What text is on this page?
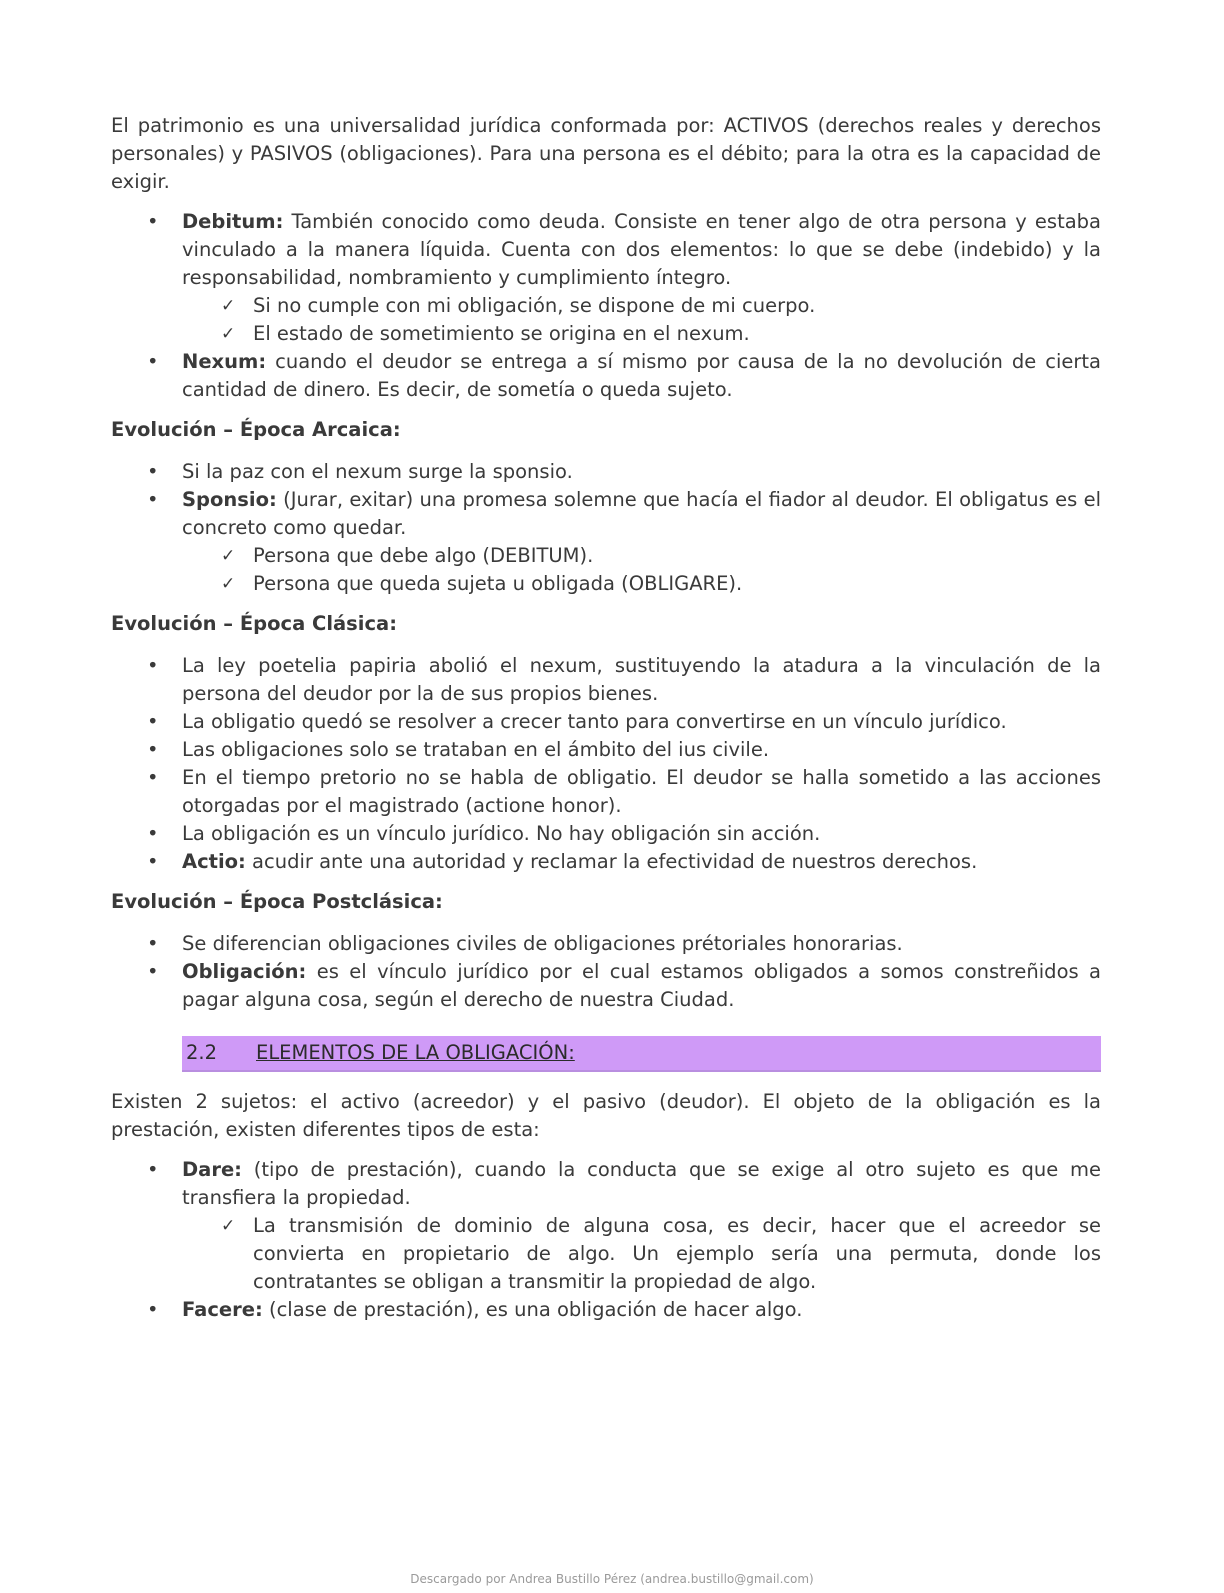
El patrimonio es una universalidad jurídica conformada por: ACTIVOS (derechos reales y derechos personales) y PASIVOS (obligaciones). Para una persona es el débito; para la otra es la capacidad de exigir.

• Debitum: También conocido como deuda. Consiste en tener algo de otra persona y estaba vinculado a la manera líquida. Cuenta con dos elementos: lo que se debe (indebido) y la responsabilidad, nombramiento y cumplimiento íntegro.
✓ Si no cumple con mi obligación, se dispone de mi cuerpo.
✓ El estado de sometimiento se origina en el nexum.
• Nexum: cuando el deudor se entrega a sí mismo por causa de la no devolución de cierta cantidad de dinero. Es decir, de sometía o queda sujeto.
Evolución – Época Arcaica:
• Si la paz con el nexum surge la sponsio.
• Sponsio: (Jurar, exitar) una promesa solemne que hacía el fiador al deudor. El obligatus es el concreto como quedar.
✓ Persona que debe algo (DEBITUM).
✓ Persona que queda sujeta u obligada (OBLIGARE).
Evolución – Época Clásica:
• La ley poetelia papiria abolió el nexum, sustituyendo la atadura a la vinculación de la persona del deudor por la de sus propios bienes.
• La obligatio quedó se resolver a crecer tanto para convertirse en un vínculo jurídico.
• Las obligaciones solo se trataban en el ámbito del ius civile.
• En el tiempo pretorio no se habla de obligatio. El deudor se halla sometido a las acciones otorgadas por el magistrado (actione honor).
• La obligación es un vínculo jurídico. No hay obligación sin acción.
• Actio: acudir ante una autoridad y reclamar la efectividad de nuestros derechos.
Evolución – Época Postclásica:
• Se diferencian obligaciones civiles de obligaciones prétoriales honorarias.
• Obligación: es el vínculo jurídico por el cual estamos obligados a somos constreñidos a pagar alguna cosa, según el derecho de nuestra Ciudad.
2.2	ELEMENTOS DE LA OBLIGACIÓN:

Existen 2 sujetos: el activo (acreedor) y el pasivo (deudor). El objeto de la obligación es la prestación, existen diferentes tipos de esta:

• Dare: (tipo de prestación), cuando la conducta que se exige al otro sujeto es que me transfiera la propiedad.
✓ La transmisión de dominio de alguna cosa, es decir, hacer que el acreedor se convierta en propietario de algo. Un ejemplo sería una permuta, donde los contratantes se obligan a transmitir la propiedad de algo.
• Facere: (clase de prestación), es una obligación de hacer algo.
Descargado por Andrea Bustillo Pérez (andrea.bustillo@gmail.com)
